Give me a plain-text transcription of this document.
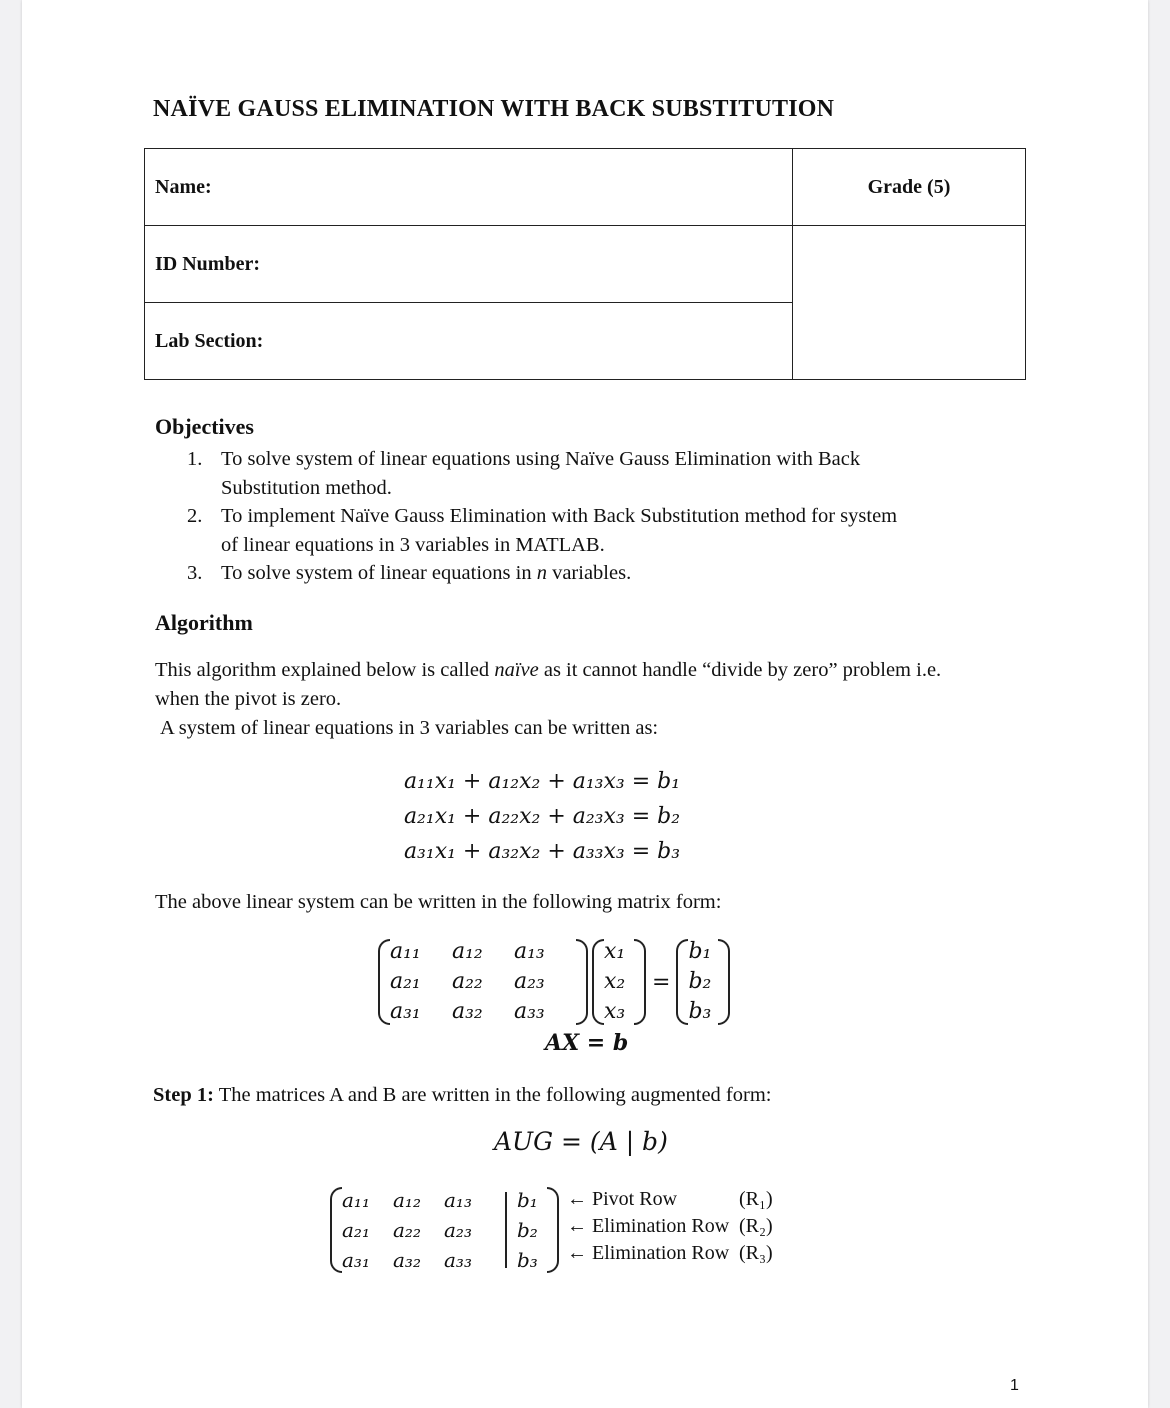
NAÏVE GAUSS ELIMINATION WITH BACK SUBSTITUTION
Name:	Grade (5)
ID Number:	
Lab Section:	
Objectives
1. To solve system of linear equations using Naïve Gauss Elimination with Back
Substitution method.
2. To implement Naïve Gauss Elimination with Back Substitution method for system
of linear equations in 3 variables in MATLAB.
3. To solve system of linear equations in n variables.
Algorithm
This algorithm explained below is called naïve as it cannot handle “divide by zero” problem i.e.
when the pivot is zero.
A system of linear equations in 3 variables can be written as:
a₁₁x₁ + a₁₂x₂ + a₁₃x₃ = b₁
a₂₁x₁ + a₂₂x₂ + a₂₃x₃ = b₂
a₃₁x₁ + a₃₂x₂ + a₃₃x₃ = b₃
The above linear system can be written in the following matrix form:
a₁₁	a₁₂	a₁₃
a₂₁	a₂₂	a₂₃
a₃₁	a₃₂	a₃₃
x₁
x₂
x₃
=
b₁
b₂
b₃
AX = b
Step 1: The matrices A and B are written in the following augmented form:
AUG = (A | b)
a₁₁	a₁₂	a₁₃
a₂₁	a₂₂	a₂₃
a₃₁	a₃₂	a₃₃
b₁
b₂
b₃
← Pivot Row	(R₁)
← Elimination Row (R₂)
← Elimination Row (R₃)
1
